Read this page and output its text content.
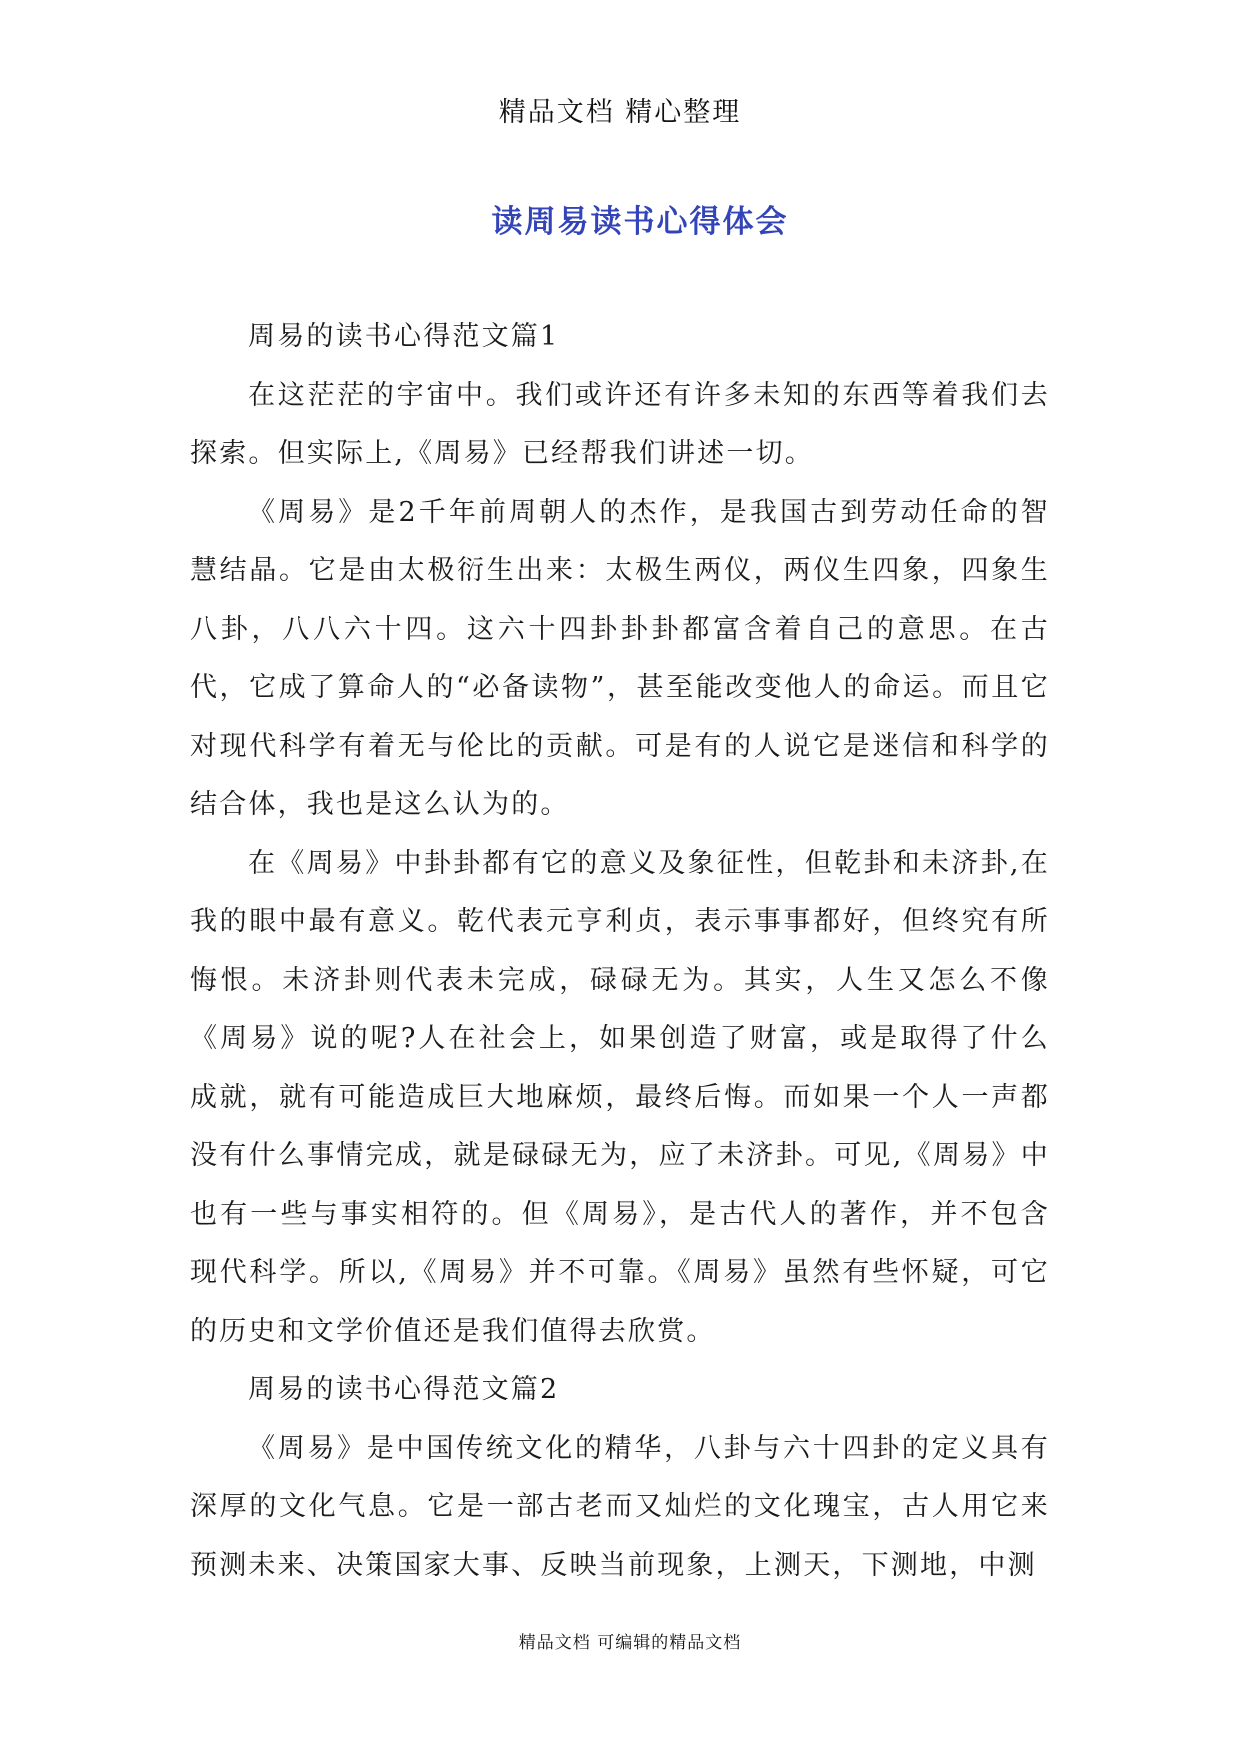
精品文档 精心整理
读周易读书心得体会

周易的读书心得范文篇1

在这茫茫的宇宙中。我们或许还有许多未知的东西等着我们去探索。但实际上,《周易》已经帮我们讲述一切。

《周易》是2千年前周朝人的杰作，是我国古到劳动任命的智慧结晶。它是由太极衍生出来：太极生两仪，两仪生四象，四象生八卦，八八六十四。这六十四卦卦卦都富含着自己的意思。在古代，它成了算命人的“必备读物”，甚至能改变他人的命运。而且它对现代科学有着无与伦比的贡献。可是有的人说它是迷信和科学的结合体，我也是这么认为的。

在《周易》中卦卦都有它的意义及象征性，但乾卦和未济卦,在我的眼中最有意义。乾代表元亨利贞，表示事事都好，但终究有所悔恨。未济卦则代表未完成，碌碌无为。其实，人生又怎么不像《周易》说的呢?人在社会上，如果创造了财富，或是取得了什么成就，就有可能造成巨大地麻烦，最终后悔。而如果一个人一声都没有什么事情完成，就是碌碌无为，应了未济卦。可见,《周易》中也有一些与事实相符的。但《周易》，是古代人的著作，并不包含现代科学。所以,《周易》并不可靠。《周易》虽然有些怀疑，可它的历史和文学价值还是我们值得去欣赏。

周易的读书心得范文篇2

《周易》是中国传统文化的精华，八卦与六十四卦的定义具有深厚的文化气息。它是一部古老而又灿烂的文化瑰宝，古人用它来预测未来、决策国家大事、反映当前现象，上测天，下测地，中测

精品文档 可编辑的精品文档
